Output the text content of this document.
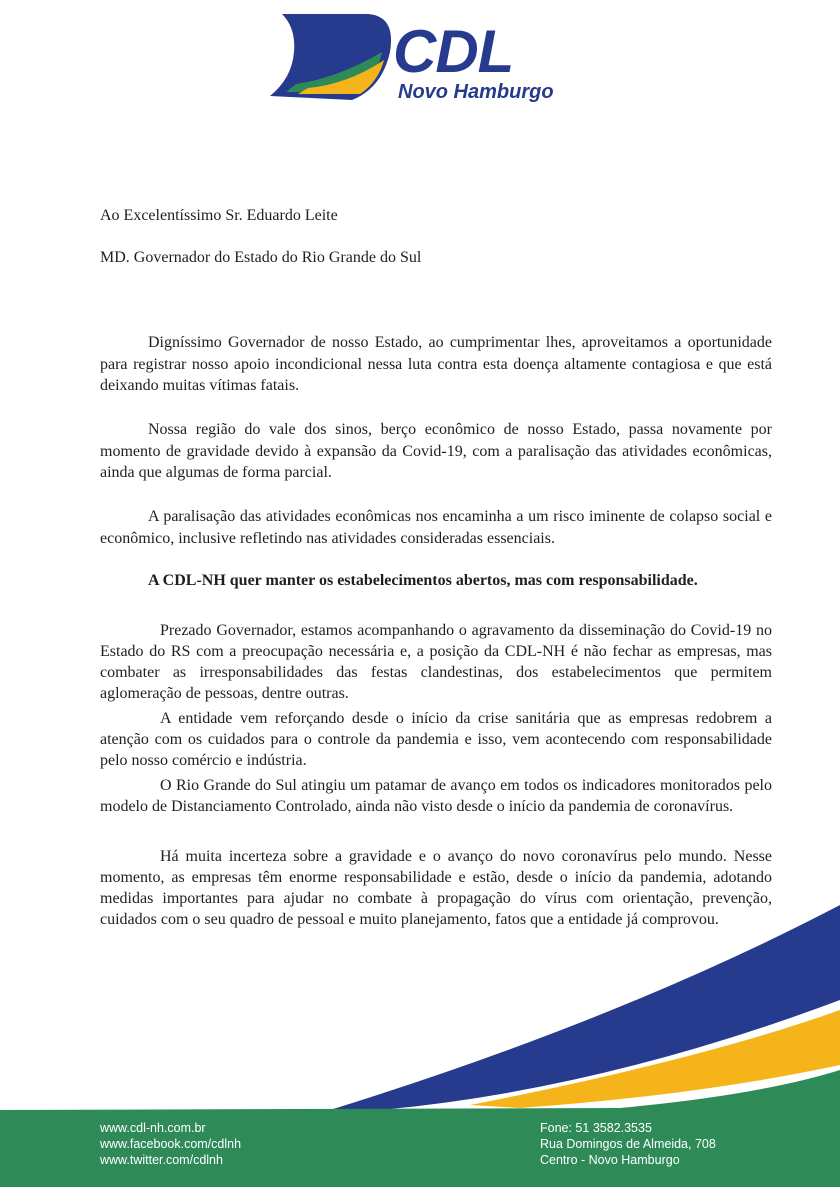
CDL
Novo Hamburgo
Ao Excelentíssimo Sr. Eduardo Leite
MD. Governador do Estado do Rio Grande do Sul

Digníssimo Governador de nosso Estado, ao cumprimentar lhes, aproveitamos a oportunidade para registrar nosso apoio incondicional nessa luta contra esta doença altamente contagiosa e que está deixando muitas vítimas fatais.

Nossa região do vale dos sinos, berço econômico de nosso Estado, passa novamente por momento de gravidade devido à expansão da Covid-19, com a paralisação das atividades econômicas, ainda que algumas de forma parcial.

A paralisação das atividades econômicas nos encaminha a um risco iminente de colapso social e econômico, inclusive refletindo nas atividades consideradas essenciais.

A CDL-NH quer manter os estabelecimentos abertos, mas com responsabilidade.

Prezado Governador, estamos acompanhando o agravamento da disseminação do Covid-19 no Estado do RS com a preocupação necessária e, a posição da CDL-NH é não fechar as empresas, mas combater as irresponsabilidades das festas clandestinas, dos estabelecimentos que permitem aglomeração de pessoas, dentre outras.

A entidade vem reforçando desde o início da crise sanitária que as empresas redobrem a atenção com os cuidados para o controle da pandemia e isso, vem acontecendo com responsabilidade pelo nosso comércio e indústria.

O Rio Grande do Sul atingiu um patamar de avanço em todos os indicadores monitorados pelo modelo de Distanciamento Controlado, ainda não visto desde o início da pandemia de coronavírus.

Há muita incerteza sobre a gravidade e o avanço do novo coronavírus pelo mundo. Nesse momento, as empresas têm enorme responsabilidade e estão, desde o início da pandemia, adotando medidas importantes para ajudar no combate à propagação do vírus com orientação, prevenção, cuidados com o seu quadro de pessoal e muito planejamento, fatos que a entidade já comprovou.

www.cdl-nh.com.br
www.facebook.com/cdlnh
www.twitter.com/cdlnh
Fone: 51 3582.3535
Rua Domingos de Almeida, 708
Centro - Novo Hamburgo
